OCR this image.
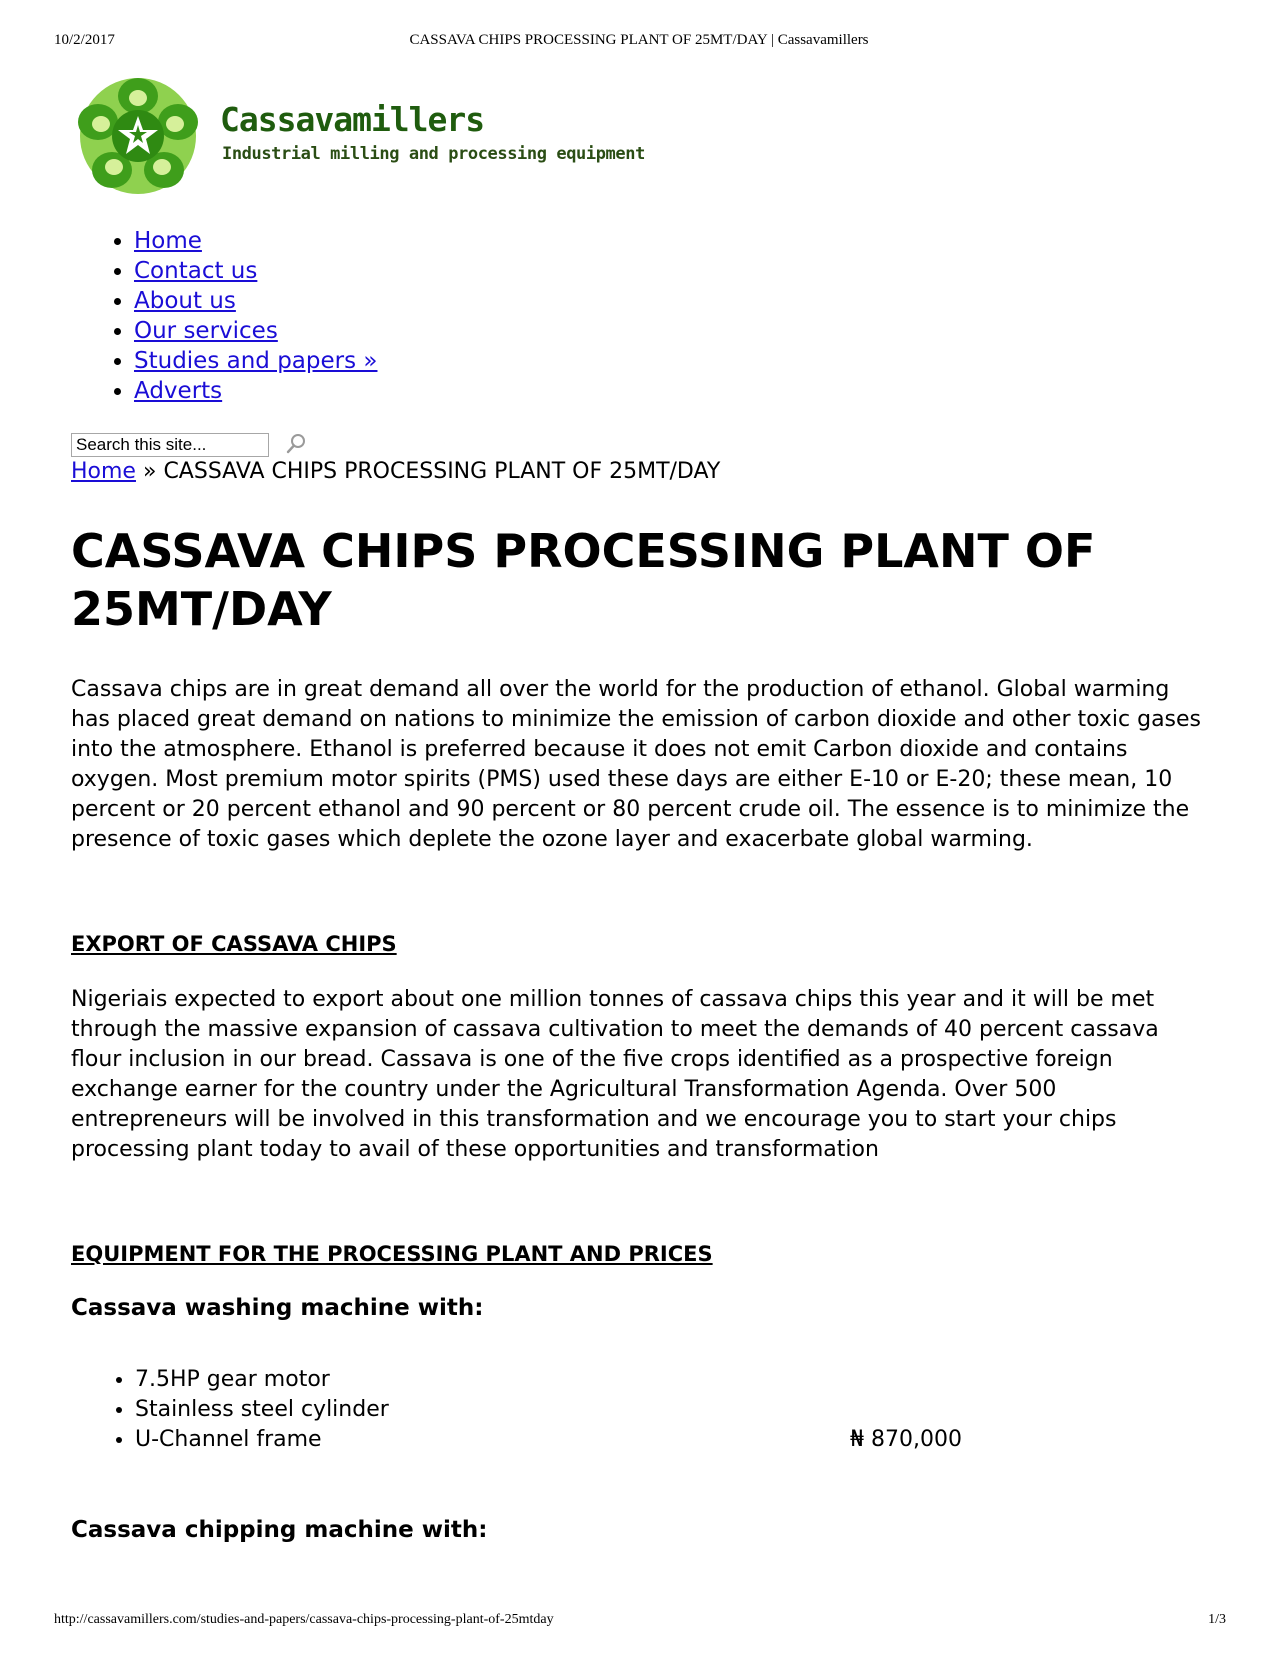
10/2/2017	CASSAVA CHIPS PROCESSING PLANT OF 25MT/DAY | Cassavamillers
Cassavamillers
Industrial milling and processing equipment
• Home
• Contact us
• About us
• Our services
• Studies and papers »
• Adverts
Search this site...
Home » CASSAVA CHIPS PROCESSING PLANT OF 25MT/DAY
CASSAVA CHIPS PROCESSING PLANT OF 25MT/DAY

Cassava chips are in great demand all over the world for the production of ethanol. Global warming has placed great demand on nations to minimize the emission of carbon dioxide and other toxic gases into the atmosphere. Ethanol is preferred because it does not emit Carbon dioxide and contains oxygen. Most premium motor spirits (PMS) used these days are either E-10 or E-20; these mean, 10 percent or 20 percent ethanol and 90 percent or 80 percent crude oil. The essence is to minimize the presence of toxic gases which deplete the ozone layer and exacerbate global warming.

EXPORT OF CASSAVA CHIPS

Nigeriais expected to export about one million tonnes of cassava chips this year and it will be met through the massive expansion of cassava cultivation to meet the demands of 40 percent cassava flour inclusion in our bread. Cassava is one of the five crops identified as a prospective foreign exchange earner for the country under the Agricultural Transformation Agenda. Over 500 entrepreneurs will be involved in this transformation and we encourage you to start your chips processing plant today to avail of these opportunities and transformation

EQUIPMENT FOR THE PROCESSING PLANT AND PRICES
Cassava washing machine with:
• 7.5HP gear motor
• Stainless steel cylinder
• U-Channel frame	₦ 870,000
Cassava chipping machine with:
http://cassavamillers.com/studies-and-papers/cassava-chips-processing-plant-of-25mtday	1/3
